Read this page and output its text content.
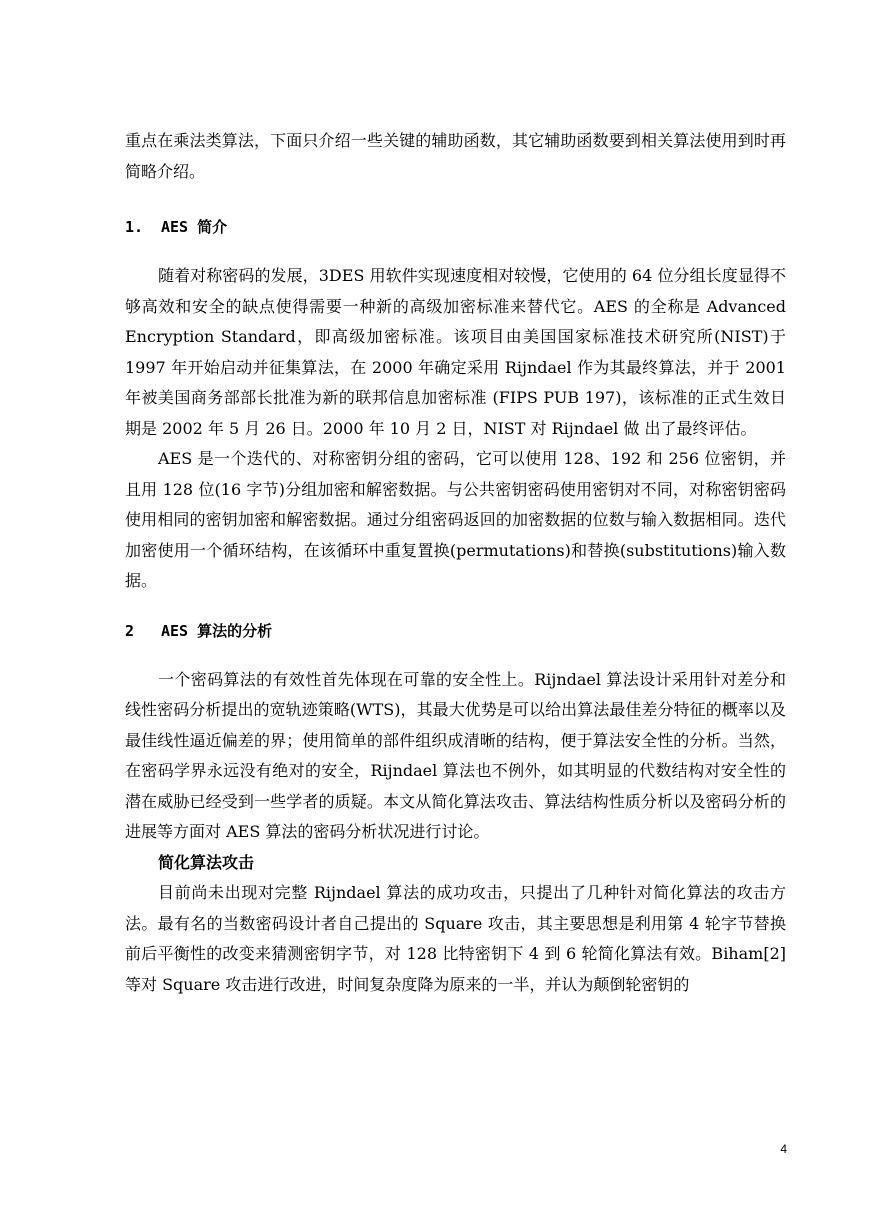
重点在乘法类算法，下面只介绍一些关键的辅助函数，其它辅助函数要到相关算法使用到时再简略介绍。

1. AES 简介

随着对称密码的发展，3DES 用软件实现速度相对较慢，它使用的 64 位分组长度显得不够高效和安全的缺点使得需要一种新的高级加密标准来替代它。AES 的全称是 Advanced Encryption Standard，即高级加密标准。该项目由美国国家标准技术研究所(NIST)于 1997 年开始启动并征集算法，在 2000 年确定采用 Rijndael 作为其最终算法，并于 2001 年被美国商务部部长批准为新的联邦信息加密标准 (FIPS PUB 197)，该标准的正式生效日期是 2002 年 5 月 26 日。2000 年 10 月 2 日，NIST 对 Rijndael 做 出了最终评估。

AES 是一个迭代的、对称密钥分组的密码，它可以使用 128、192 和 256 位密钥，并且用 128 位(16 字节)分组加密和解密数据。与公共密钥密码使用密钥对不同，对称密钥密码使用相同的密钥加密和解密数据。通过分组密码返回的加密数据的位数与输入数据相同。迭代加密使用一个循环结构，在该循环中重复置换(permutations)和替换(substitutions)输入数据。

2 AES 算法的分析

一个密码算法的有效性首先体现在可靠的安全性上。Rijndael 算法设计采用针对差分和线性密码分析提出的宽轨迹策略(WTS)，其最大优势是可以给出算法最佳差分特征的概率以及最佳线性逼近偏差的界；使用简单的部件组织成清晰的结构，便于算法安全性的分析。当然，在密码学界永远没有绝对的安全，Rijndael 算法也不例外，如其明显的代数结构对安全性的潜在威胁已经受到一些学者的质疑。本文从简化算法攻击、算法结构性质分析以及密码分析的进展等方面对 AES 算法的密码分析状况进行讨论。

简化算法攻击

目前尚未出现对完整 Rijndael 算法的成功攻击，只提出了几种针对简化算法的攻击方法。最有名的当数密码设计者自己提出的 Square 攻击，其主要思想是利用第 4 轮字节替换前后平衡性的改变来猜测密钥字节，对 128 比特密钥下 4 到 6 轮简化算法有效。Biham[2]等对 Square 攻击进行改进，时间复杂度降为原来的一半，并认为颠倒轮密钥的

4
